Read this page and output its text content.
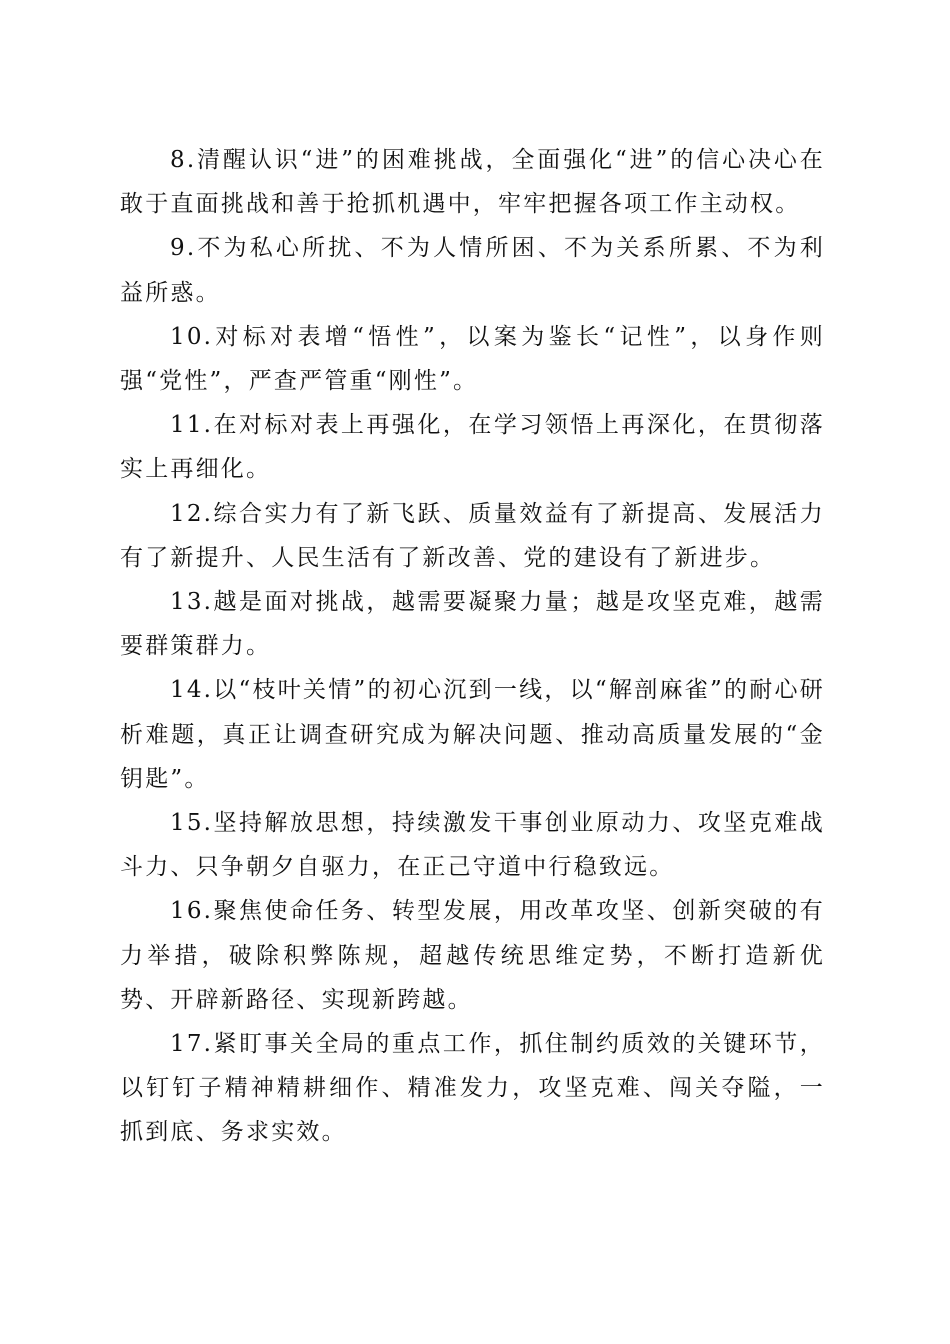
8.清醒认识“进”的困难挑战，全面强化“进”的信心决心在敢于直面挑战和善于抢抓机遇中，牢牢把握各项工作主动权。

9.不为私心所扰、不为人情所困、不为关系所累、不为利益所惑。

10.对标对表增“悟性”，以案为鉴长“记性”，以身作则强“党性”，严查严管重“刚性”。

11.在对标对表上再强化，在学习领悟上再深化，在贯彻落实上再细化。

12.综合实力有了新飞跃、质量效益有了新提高、发展活力有了新提升、人民生活有了新改善、党的建设有了新进步。

13.越是面对挑战，越需要凝聚力量；越是攻坚克难，越需要群策群力。

14.以“枝叶关情”的初心沉到一线，以“解剖麻雀”的耐心研析难题，真正让调查研究成为解决问题、推动高质量发展的“金钥匙”。

15.坚持解放思想，持续激发干事创业原动力、攻坚克难战斗力、只争朝夕自驱力，在正己守道中行稳致远。

16.聚焦使命任务、转型发展，用改革攻坚、创新突破的有力举措，破除积弊陈规，超越传统思维定势，不断打造新优势、开辟新路径、实现新跨越。

17.紧盯事关全局的重点工作，抓住制约质效的关键环节，以钉钉子精神精耕细作、精准发力，攻坚克难、闯关夺隘，一抓到底、务求实效。
